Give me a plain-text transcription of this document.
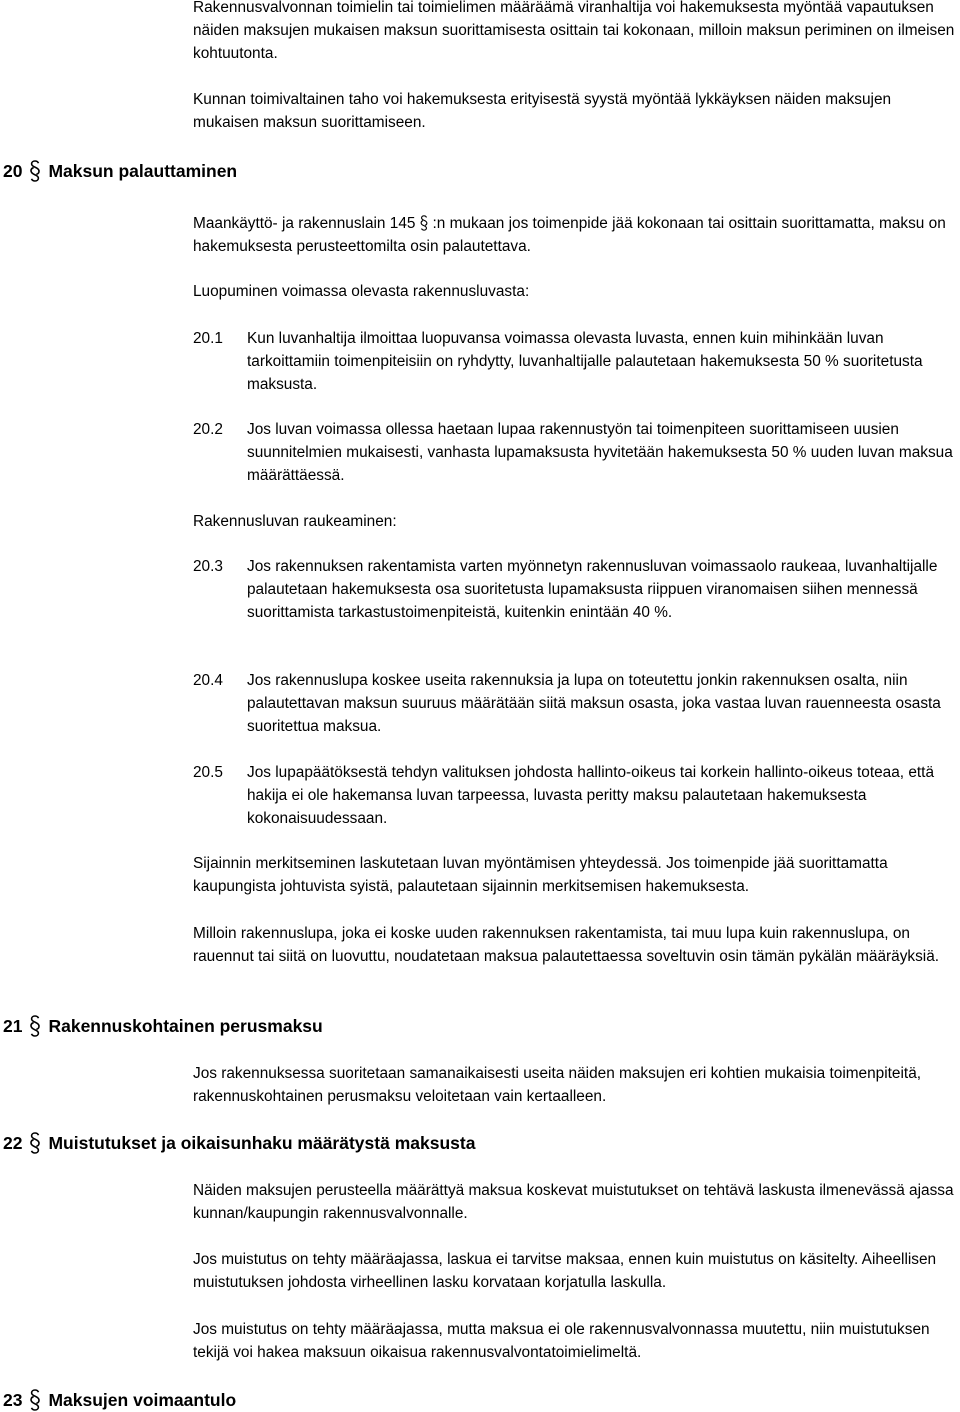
Rakennusvalvonnan toimielin tai toimielimen määräämä viranhaltija voi hakemuksesta myöntää vapautuksen näiden maksujen mukaisen maksun suorittamisesta osittain tai kokonaan, milloin maksun periminen on ilmeisen kohtuutonta.

Kunnan toimivaltainen taho voi hakemuksesta erityisestä syystä myöntää lykkäyksen näiden maksujen mukaisen maksun suorittamiseen.

20 Maksun palauttaminen

Maankäyttö- ja rakennuslain 145 :n mukaan jos toimenpide jää kokonaan tai osittain suorittamatta, maksu on hakemuksesta perusteettomilta osin palautettava.

Luopuminen voimassa olevasta rakennusluvasta:

20.1	Kun luvanhaltija ilmoittaa luopuvansa voimassa olevasta luvasta, ennen kuin mihinkään luvan tarkoittamiin toimenpiteisiin on ryhdytty, luvanhaltijalle palautetaan hakemuksesta 50 % suoritetusta maksusta.

20.2	Jos luvan voimassa ollessa haetaan lupaa rakennustyön tai toimenpiteen suorittamiseen uusien suunnitelmien mukaisesti, vanhasta lupamaksusta hyvitetään hakemuksesta 50 % uuden luvan maksua määrättäessä.

Rakennusluvan raukeaminen:

20.3	Jos rakennuksen rakentamista varten myönnetyn rakennusluvan voimassaolo raukeaa, luvanhaltijalle palautetaan hakemuksesta osa suoritetusta lupamaksusta riippuen viranomaisen siihen mennessä suorittamista tarkastustoimenpiteistä, kuitenkin enintään 40 %.

20.4	Jos rakennuslupa koskee useita rakennuksia ja lupa on toteutettu jonkin rakennuksen osalta, niin palautettavan maksun suuruus määrätään siitä maksun osasta, joka vastaa luvan rauenneesta osasta suoritettua maksua.

20.5	Jos lupapäätöksestä tehdyn valituksen johdosta hallinto-oikeus tai korkein hallinto-oikeus toteaa, että hakija ei ole hakemansa luvan tarpeessa, luvasta peritty maksu palautetaan hakemuksesta kokonaisuudessaan.

Sijainnin merkitseminen laskutetaan luvan myöntämisen yhteydessä. Jos toimenpide jää suorittamatta kaupungista johtuvista syistä, palautetaan sijainnin merkitsemisen hakemuksesta.

Milloin rakennuslupa, joka ei koske uuden rakennuksen rakentamista, tai muu lupa kuin rakennuslupa, on rauennut tai siitä on luovuttu, noudatetaan maksua palautettaessa soveltuvin osin tämän pykälän määräyksiä.

21 Rakennuskohtainen perusmaksu

Jos rakennuksessa suoritetaan samanaikaisesti useita näiden maksujen eri kohtien mukaisia toimenpiteitä, rakennuskohtainen perusmaksu veloitetaan vain kertaalleen.

22 Muistutukset ja oikaisunhaku määrätystä maksusta

Näiden maksujen perusteella määrättyä maksua koskevat muistutukset on tehtävä laskusta ilmenevässä ajassa kunnan/kaupungin rakennusvalvonnalle.

Jos muistutus on tehty määräajassa, laskua ei tarvitse maksaa, ennen kuin muistutus on käsitelty. Aiheellisen muistutuksen johdosta virheellinen lasku korvataan korjatulla laskulla.

Jos muistutus on tehty määräajassa, mutta maksua ei ole rakennusvalvonnassa muutettu, niin muistutuksen tekijä voi hakea maksuun oikaisua rakennusvalvontatoimielimeltä.

23 Maksujen voimaantulo
